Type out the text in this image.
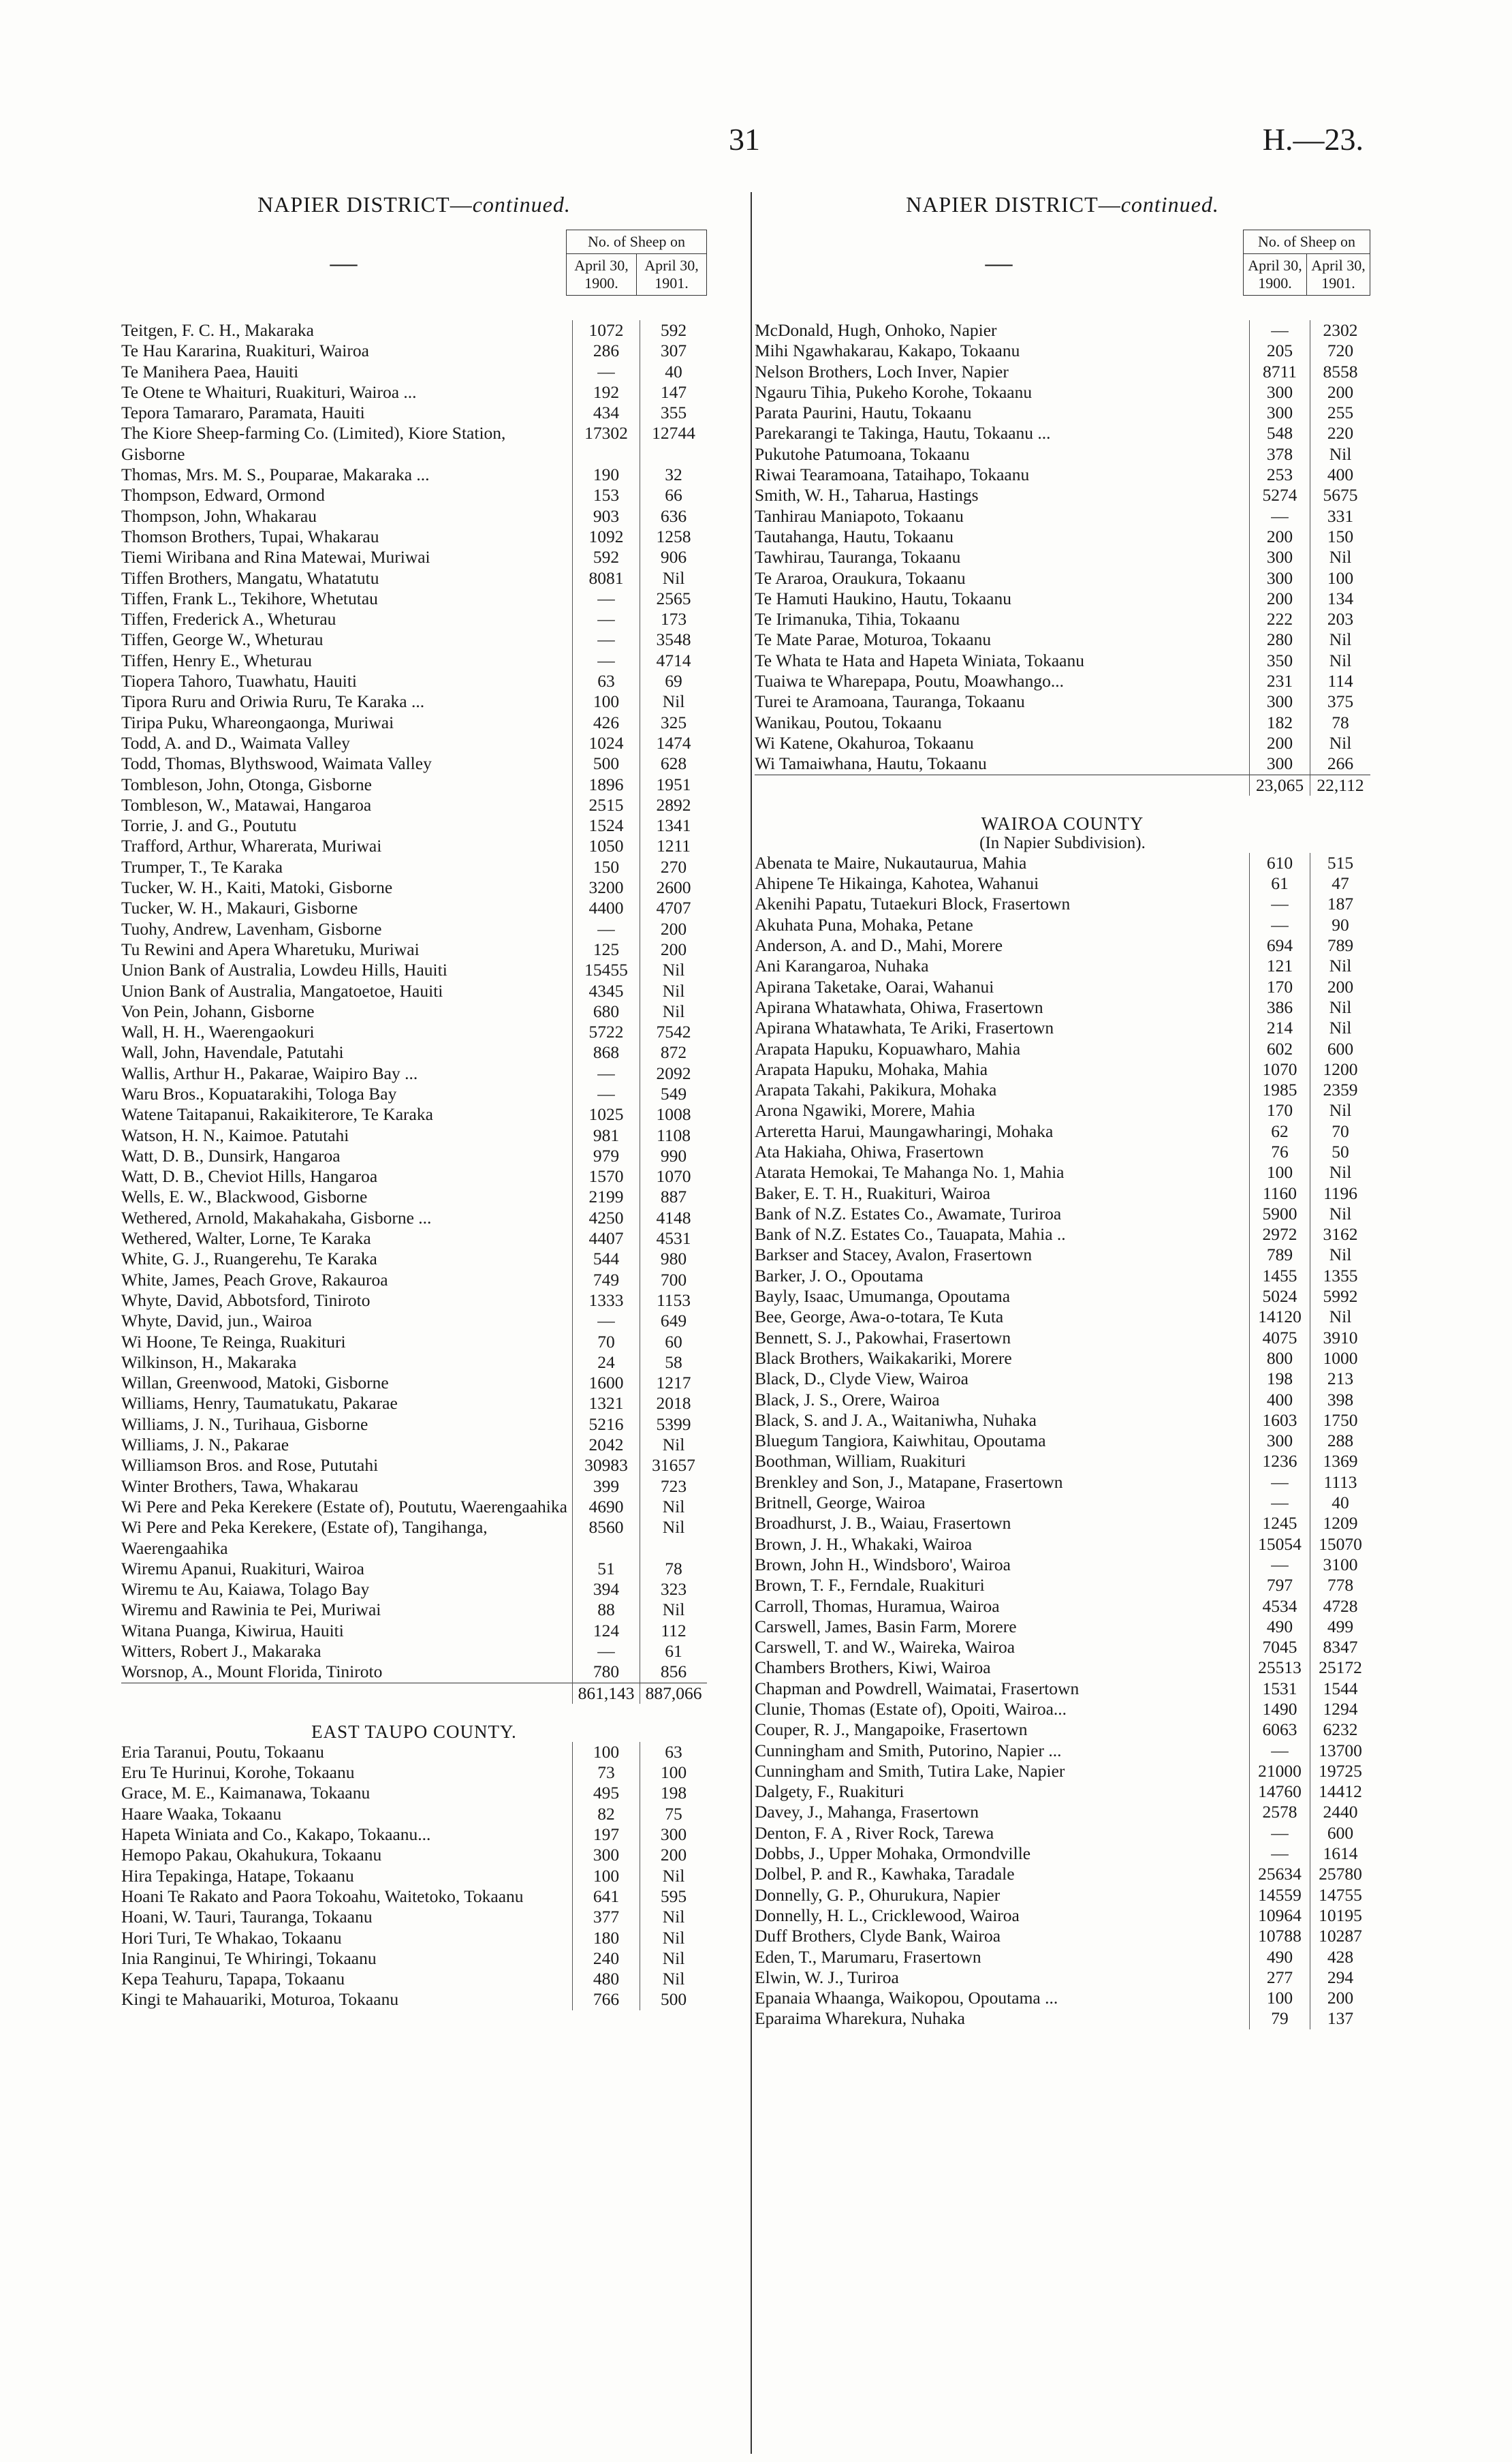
31	H.—23.
NAPIER DISTRICT—continued.
—	No. of Sheep on	
	April 30, 1900.	April 30, 1901.
Teitgen, F. C. H., Makaraka	1072	592
Te Hau Kararina, Ruakituri, Wairoa	286	307
Te Manihera Paea, Hauiti	—	40
Te Otene te Whaituri, Ruakituri, Wairoa ...	192	147
Tepora Tamararo, Paramata, Hauiti	434	355
The Kiore Sheep-farming Co. (Limited), Kiore Station, Gisborne	17302	12744
Thomas, Mrs. M. S., Pouparae, Makaraka ...	190	32
Thompson, Edward, Ormond	153	66
Thompson, John, Whakarau	903	636
Thomson Brothers, Tupai, Whakarau	1092	1258
Tiemi Wiribana and Rina Matewai, Muriwai	592	906
Tiffen Brothers, Mangatu, Whatatutu	8081	Nil
Tiffen, Frank L., Tekihore, Whetutau	—	2565
Tiffen, Frederick A., Wheturau	—	173
Tiffen, George W., Wheturau	—	3548
Tiffen, Henry E., Wheturau	—	4714
Tiopera Tahoro, Tuawhatu, Hauiti	63	69
Tipora Ruru and Oriwia Ruru, Te Karaka ...	100	Nil
Tiripa Puku, Whareongaonga, Muriwai	426	325
Todd, A. and D., Waimata Valley	1024	1474
Todd, Thomas, Blythswood, Waimata Valley	500	628
Tombleson, John, Otonga, Gisborne	1896	1951
Tombleson, W., Matawai, Hangaroa	2515	2892
Torrie, J. and G., Poututu	1524	1341
Trafford, Arthur, Wharerata, Muriwai	1050	1211
Trumper, T., Te Karaka	150	270
Tucker, W. H., Kaiti, Matoki, Gisborne	3200	2600
Tucker, W. H., Makauri, Gisborne	4400	4707
Tuohy, Andrew, Lavenham, Gisborne	—	200
Tu Rewini and Apera Wharetuku, Muriwai	125	200
Union Bank of Australia, Lowdeu Hills, Hauiti	15455	Nil
Union Bank of Australia, Mangatoetoe, Hauiti	4345	Nil
Von Pein, Johann, Gisborne	680	Nil
Wall, H. H., Waerengaokuri	5722	7542
Wall, John, Havendale, Patutahi	868	872
Wallis, Arthur H., Pakarae, Waipiro Bay ...	—	2092
Waru Bros., Kopuatarakihi, Tologa Bay	—	549
Watene Taitapanui, Rakaikiterore, Te Karaka	1025	1008
Watson, H. N., Kaimoe. Patutahi	981	1108
Watt, D. B., Dunsirk, Hangaroa	979	990
Watt, D. B., Cheviot Hills, Hangaroa	1570	1070
Wells, E. W., Blackwood, Gisborne	2199	887
Wethered, Arnold, Makahakaha, Gisborne ...	4250	4148
Wethered, Walter, Lorne, Te Karaka	4407	4531
White, G. J., Ruangerehu, Te Karaka	544	980
White, James, Peach Grove, Rakauroa	749	700
Whyte, David, Abbotsford, Tiniroto	1333	1153
Whyte, David, jun., Wairoa	—	649
Wi Hoone, Te Reinga, Ruakituri	70	60
Wilkinson, H., Makaraka	24	58
Willan, Greenwood, Matoki, Gisborne	1600	1217
Williams, Henry, Taumatukatu, Pakarae	1321	2018
Williams, J. N., Turihaua, Gisborne	5216	5399
Williams, J. N., Pakarae	2042	Nil
Williamson Bros. and Rose, Pututahi	30983	31657
Winter Brothers, Tawa, Whakarau	399	723
Wi Pere and Peka Kerekere (Estate of), Poututu, Waerengaahika	4690	Nil
Wi Pere and Peka Kerekere, (Estate of), Tangihanga, Waerengaahika	8560	Nil
Wiremu Apanui, Ruakituri, Wairoa	51	78
Wiremu te Au, Kaiawa, Tolago Bay	394	323
Wiremu and Rawinia te Pei, Muriwai	88	Nil
Witana Puanga, Kiwirua, Hauiti	124	112
Witters, Robert J., Makaraka	—	61
Worsnop, A., Mount Florida, Tiniroto	780	856
	861,143	887,066
EAST TAUPO COUNTY.
Eria Taranui, Poutu, Tokaanu	100	63
Eru Te Hurinui, Korohe, Tokaanu	73	100
Grace, M. E., Kaimanawa, Tokaanu	495	198
Haare Waaka, Tokaanu	82	75
Hapeta Winiata and Co., Kakapo, Tokaanu...	197	300
Hemopo Pakau, Okahukura, Tokaanu	300	200
Hira Tepakinga, Hatape, Tokaanu	100	Nil
Hoani Te Rakato and Paora Tokoahu, Waitetoko, Tokaanu	641	595
Hoani, W. Tauri, Tauranga, Tokaanu	377	Nil
Hori Turi, Te Whakao, Tokaanu	180	Nil
Inia Ranginui, Te Whiringi, Tokaanu	240	Nil
Kepa Teahuru, Tapapa, Tokaanu	480	Nil
Kingi te Mahauariki, Moturoa, Tokaanu	766	500
NAPIER DISTRICT—continued.
—	No. of Sheep on	
	April 30, 1900.	April 30, 1901.
McDonald, Hugh, Onhoko, Napier	—	2302
Mihi Ngawhakarau, Kakapo, Tokaanu	205	720
Nelson Brothers, Loch Inver, Napier	8711	8558
Ngauru Tihia, Pukeho Korohe, Tokaanu	300	200
Parata Paurini, Hautu, Tokaanu	300	255
Parekarangi te Takinga, Hautu, Tokaanu ...	548	220
Pukutohe Patumoana, Tokaanu	378	Nil
Riwai Tearamoana, Tataihapo, Tokaanu	253	400
Smith, W. H., Taharua, Hastings	5274	5675
Tanhirau Maniapoto, Tokaanu	—	331
Tautahanga, Hautu, Tokaanu	200	150
Tawhirau, Tauranga, Tokaanu	300	Nil
Te Araroa, Oraukura, Tokaanu	300	100
Te Hamuti Haukino, Hautu, Tokaanu	200	134
Te Irimanuka, Tihia, Tokaanu	222	203
Te Mate Parae, Moturoa, Tokaanu	280	Nil
Te Whata te Hata and Hapeta Winiata, Tokaanu	350	Nil
Tuaiwa te Wharepapa, Poutu, Moawhango...	231	114
Turei te Aramoana, Tauranga, Tokaanu	300	375
Wanikau, Poutou, Tokaanu	182	78
Wi Katene, Okahuroa, Tokaanu	200	Nil
Wi Tamaiwhana, Hautu, Tokaanu	300	266
	23,065	22,112
WAIROA COUNTY
(In Napier Subdivision).
Abenata te Maire, Nukautaurua, Mahia	610	515
Ahipene Te Hikainga, Kahotea, Wahanui	61	47
Akenihi Papatu, Tutaekuri Block, Frasertown	—	187
Akuhata Puna, Mohaka, Petane	—	90
Anderson, A. and D., Mahi, Morere	694	789
Ani Karangaroa, Nuhaka	121	Nil
Apirana Taketake, Oarai, Wahanui	170	200
Apirana Whatawhata, Ohiwa, Frasertown	386	Nil
Apirana Whatawhata, Te Ariki, Frasertown	214	Nil
Arapata Hapuku, Kopuawharo, Mahia	602	600
Arapata Hapuku, Mohaka, Mahia	1070	1200
Arapata Takahi, Pakikura, Mohaka	1985	2359
Arona Ngawiki, Morere, Mahia	170	Nil
Arteretta Harui, Maungawharingi, Mohaka	62	70
Ata Hakiaha, Ohiwa, Frasertown	76	50
Atarata Hemokai, Te Mahanga No. 1, Mahia	100	Nil
Baker, E. T. H., Ruakituri, Wairoa	1160	1196
Bank of N.Z. Estates Co., Awamate, Turiroa	5900	Nil
Bank of N.Z. Estates Co., Tauapata, Mahia ..	2972	3162
Barkser and Stacey, Avalon, Frasertown	789	Nil
Barker, J. O., Opoutama	1455	1355
Bayly, Isaac, Umumanga, Opoutama	5024	5992
Bee, George, Awa-o-totara, Te Kuta	14120	Nil
Bennett, S. J., Pakowhai, Frasertown	4075	3910
Black Brothers, Waikakariki, Morere	800	1000
Black, D., Clyde View, Wairoa	198	213
Black, J. S., Orere, Wairoa	400	398
Black, S. and J. A., Waitaniwha, Nuhaka	1603	1750
Bluegum Tangiora, Kaiwhitau, Opoutama	300	288
Boothman, William, Ruakituri	1236	1369
Brenkley and Son, J., Matapane, Frasertown	—	1113
Britnell, George, Wairoa	—	40
Broadhurst, J. B., Waiau, Frasertown	1245	1209
Brown, J. H., Whakaki, Wairoa	15054	15070
Brown, John H., Windsboro', Wairoa	—	3100
Brown, T. F., Ferndale, Ruakituri	797	778
Carroll, Thomas, Huramua, Wairoa	4534	4728
Carswell, James, Basin Farm, Morere	490	499
Carswell, T. and W., Waireka, Wairoa	7045	8347
Chambers Brothers, Kiwi, Wairoa	25513	25172
Chapman and Powdrell, Waimatai, Frasertown	1531	1544
Clunie, Thomas (Estate of), Opoiti, Wairoa...	1490	1294
Couper, R. J., Mangapoike, Frasertown	6063	6232
Cunningham and Smith, Putorino, Napier ...	—	13700
Cunningham and Smith, Tutira Lake, Napier	21000	19725
Dalgety, F., Ruakituri	14760	14412
Davey, J., Mahanga, Frasertown	2578	2440
Denton, F. A , River Rock, Tarewa	—	600
Dobbs, J., Upper Mohaka, Ormondville	—	1614
Dolbel, P. and R., Kawhaka, Taradale	25634	25780
Donnelly, G. P., Ohurukura, Napier	14559	14755
Donnelly, H. L., Cricklewood, Wairoa	10964	10195
Duff Brothers, Clyde Bank, Wairoa	10788	10287
Eden, T., Marumaru, Frasertown	490	428
Elwin, W. J., Turiroa	277	294
Epanaia Whaanga, Waikopou, Opoutama ...	100	200
Eparaima Wharekura, Nuhaka	79	137
